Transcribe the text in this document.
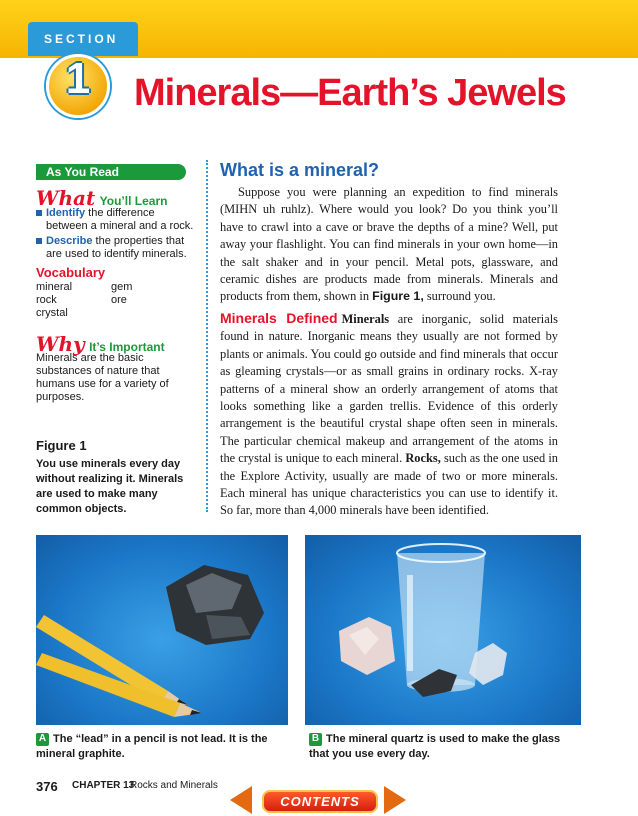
SECTION
1	Minerals—Earth’s Jewels
As You Read
What You’ll Learn
Identify the difference between a mineral and a rock.
Describe the properties that are used to identify minerals.
Vocabulary
mineral	gem
rock	ore
crystal
Why It’s Important
Minerals are the basic substances of nature that humans use for a variety of purposes.
Figure 1
You use minerals every day without realizing it. Minerals are used to make many common objects.
What is a mineral?

Suppose you were planning an expedition to find minerals (MIHN uh ruhlz). Where would you look? Do you think you’ll have to crawl into a cave or brave the depths of a mine? Well, put away your flashlight. You can find minerals in your own home—in the salt shaker and in your pencil. Metal pots, glassware, and ceramic dishes are products made from minerals. Minerals and products from them, shown in Figure 1, surround you.

Minerals Defined Minerals are inorganic, solid materials found in nature. Inorganic means they usually are not formed by plants or animals. You could go outside and find minerals that occur as gleaming crystals—or as small grains in ordinary rocks. X-ray patterns of a mineral show an orderly arrangement of atoms that looks something like a garden trellis. Evidence of this orderly arrangement is the beautiful crystal shape often seen in minerals. The particular chemical makeup and arrangement of the atoms in the crystal is unique to each mineral. Rocks, such as the one used in the Explore Activity, usually are made of two or more minerals. Each mineral has unique characteristics you can use to identify it. So far, more than 4,000 minerals have been identified.

A The “lead” in a pencil is not lead. It is the mineral graphite.
B The mineral quartz is used to make the glass that you use every day.
376 CHAPTER 13
Rocks and Minerals
CONTENTS
